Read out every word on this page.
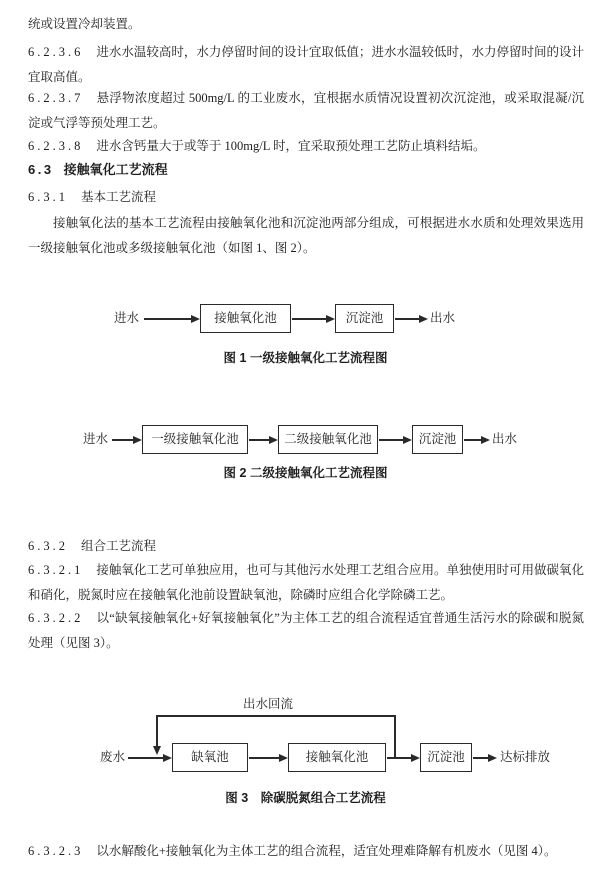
统或设置冷却装置。

6.2.3.6 进水水温较高时，水力停留时间的设计宜取低值；进水水温较低时，水力停留时间的设计宜取高值。

6.2.3.7 悬浮物浓度超过 500mg/L 的工业废水，宜根据水质情况设置初次沉淀池，或采取混凝/沉淀或气浮等预处理工艺。

6.2.3.8 进水含钙量大于或等于 100mg/L 时，宜采取预处理工艺防止填料结垢。

6.3 接触氧化工艺流程

6.3.1 基本工艺流程

接触氧化法的基本工艺流程由接触氧化池和沉淀池两部分组成，可根据进水水质和处理效果选用一级接触氧化池或多级接触氧化池（如图 1、图 2）。

进水	接触氧化池	沉淀池	出水
图 1 一级接触氧化工艺流程图
进水	一级接触氧化池	二级接触氧化池	沉淀池	出水
图 2 二级接触氧化工艺流程图

6.3.2 组合工艺流程

6.3.2.1 接触氧化工艺可单独应用，也可与其他污水处理工艺组合应用。单独使用时可用做碳氧化和硝化，脱氮时应在接触氧化池前设置缺氧池，除磷时应组合化学除磷工艺。

6.3.2.2 以“缺氧接触氧化+好氧接触氧化”为主体工艺的组合流程适宜普通生活污水的除碳和脱氮处理（见图 3）。

出水回流
废水	缺氧池	接触氧化池	沉淀池	达标排放
图 3　除碳脱氮组合工艺流程

6.3.2.3 以水解酸化+接触氧化为主体工艺的组合流程，适宜处理难降解有机废水（见图 4）。
